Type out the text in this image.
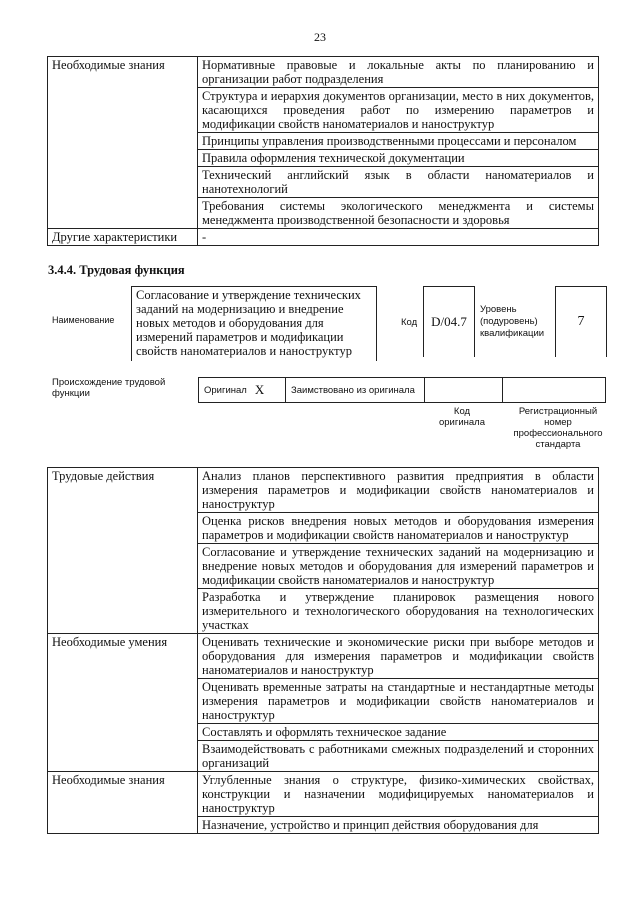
23
Необходимые знания	Нормативные правовые и локальные акты по планированию и организации работ подразделения
	Структура и иерархия документов организации, место в них документов, касающихся проведения работ по измерению параметров и модификации свойств наноматериалов и наноструктур
	Принципы управления производственными процессами и персоналом
	Правила оформления технической документации
	Технический английский язык в области наноматериалов и нанотехнологий
	Требования системы экологического менеджмента и системы менеджмента производственной безопасности и здоровья
Другие характеристики	-
3.4.4. Трудовая функция
Наименование
Согласование и утверждение технических заданий на модернизацию и внедрение новых методов и оборудования для измерений параметров и модификации свойств наноматериалов и наноструктур
Код	D/04.7
Уровень (подуровень) квалификации
7
Происхождение трудовой функции	Оригинал X	Заимствовано из оригинала
Код оригинала
Регистрационный номер профессионального стандарта
Трудовые действия	Анализ планов перспективного развития предприятия в области измерения параметров и модификации свойств наноматериалов и наноструктур
	Оценка рисков внедрения новых методов и оборудования измерения параметров и модификации свойств наноматериалов и наноструктур
	Согласование и утверждение технических заданий на модернизацию и внедрение новых методов и оборудования для измерений параметров и модификации свойств наноматериалов и наноструктур
	Разработка и утверждение планировок размещения нового измерительного и технологического оборудования на технологических участках
Необходимые умения	Оценивать технические и экономические риски при выборе методов и оборудования для измерения параметров и модификации свойств наноматериалов и наноструктур
	Оценивать временные затраты на стандартные и нестандартные методы измерения параметров и модификации свойств наноматериалов и наноструктур
	Составлять и оформлять техническое задание
	Взаимодействовать с работниками смежных подразделений и сторонних организаций
Необходимые знания	Углубленные знания о структуре, физико-химических свойствах, конструкции и назначении модифицируемых наноматериалов и наноструктур
	Назначение, устройство и принцип действия оборудования для
